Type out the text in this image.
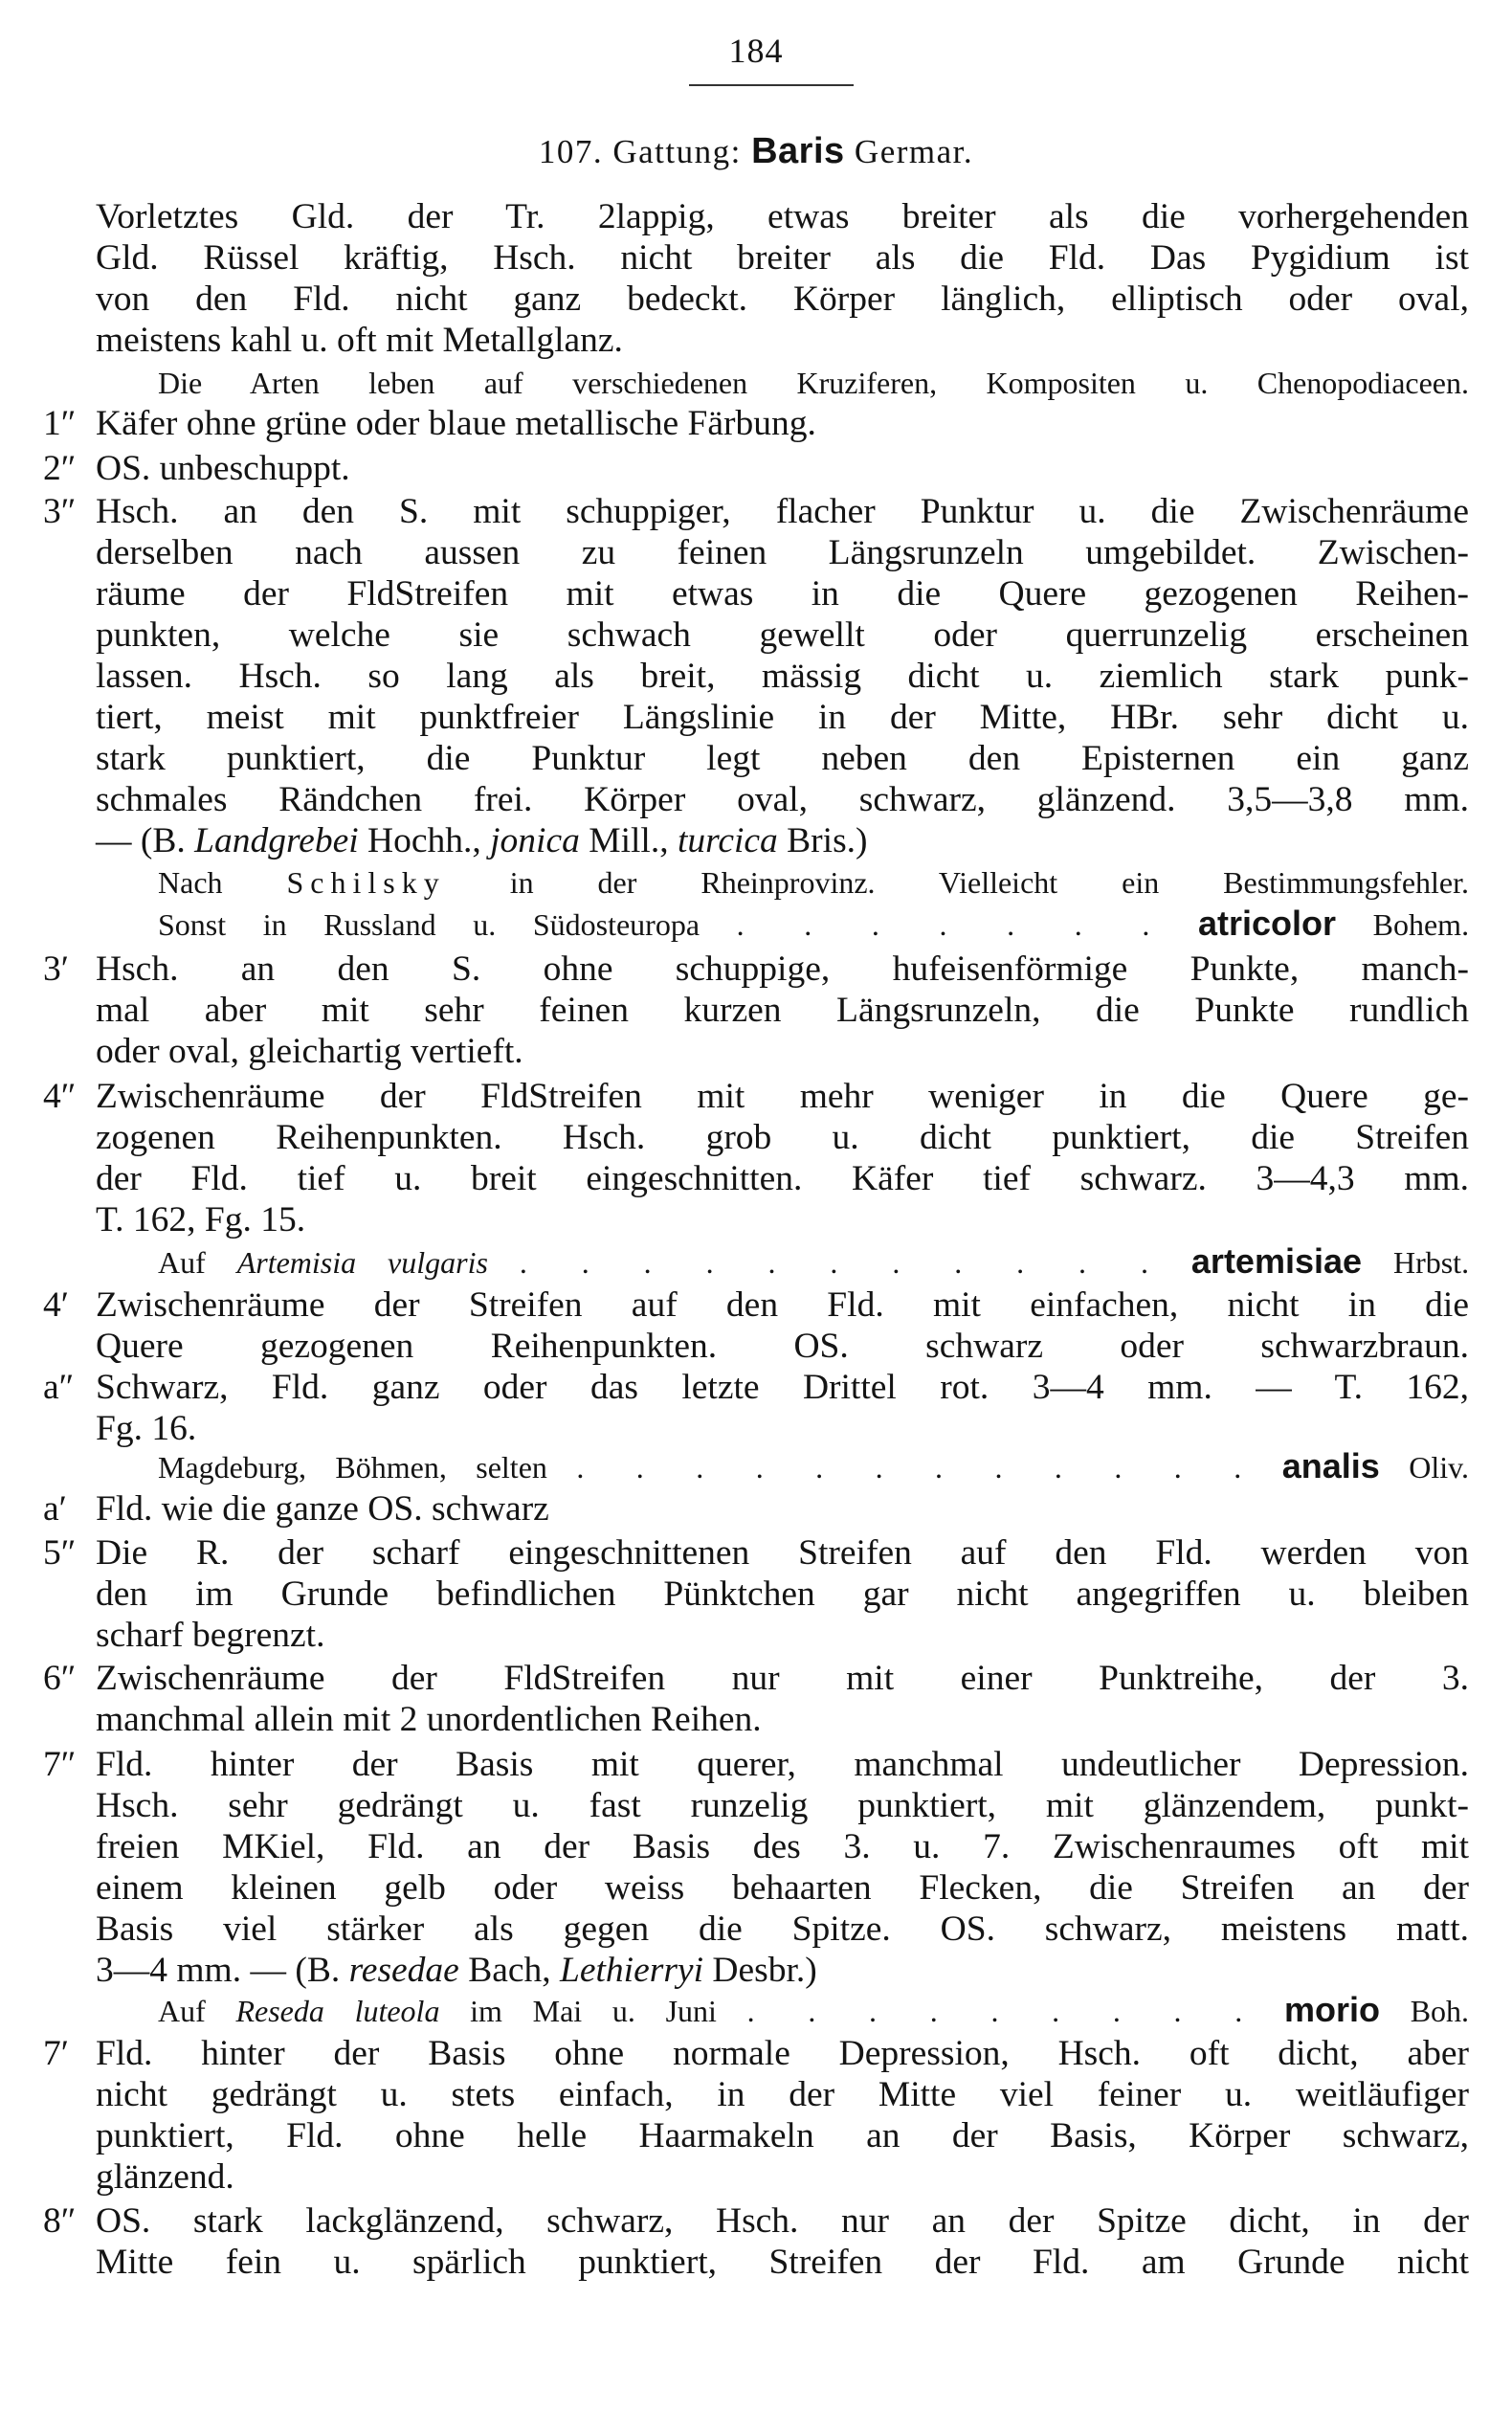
184
107. Gattung: Baris Germar.
Vorletztes Gld. der Tr. 2lappig, etwas breiter als die vorhergehenden
Gld. Rüssel kräftig, Hsch. nicht breiter als die Fld. Das Pygidium ist
von den Fld. nicht ganz bedeckt. Körper länglich, elliptisch oder oval,
meistens kahl u. oft mit Metallglanz.
Die Arten leben auf verschiedenen Kruziferen, Kompositen u. Chenopodiaceen.
1″ Käfer ohne grüne oder blaue metallische Färbung.
2″ OS. unbeschuppt.
3″ Hsch. an den S. mit schuppiger, flacher Punktur u. die Zwischenräume
derselben nach aussen zu feinen Längsrunzeln umgebildet. Zwischen-
räume der FldStreifen mit etwas in die Quere gezogenen Reihen-
punkten, welche sie schwach gewellt oder querrunzelig erscheinen
lassen. Hsch. so lang als breit, mässig dicht u. ziemlich stark punk-
tiert, meist mit punktfreier Längslinie in der Mitte, HBr. sehr dicht u.
stark punktiert, die Punktur legt neben den Episternen ein ganz
schmales Rändchen frei. Körper oval, schwarz, glänzend. 3,5—3,8 mm.
— (B. Landgrebei Hochh., jonica Mill., turcica Bris.)
Nach Schilsky in der Rheinprovinz. Vielleicht ein Bestimmungsfehler.
Sonst in Russland u. Südosteuropa . . . . . . . atricolor Bohem.
3′ Hsch. an den S. ohne schuppige, hufeisenförmige Punkte, manch-
mal aber mit sehr feinen kurzen Längsrunzeln, die Punkte rundlich
oder oval, gleichartig vertieft.
4″ Zwischenräume der FldStreifen mit mehr weniger in die Quere ge-
zogenen Reihenpunkten. Hsch. grob u. dicht punktiert, die Streifen
der Fld. tief u. breit eingeschnitten. Käfer tief schwarz. 3—4,3 mm.
T. 162, Fg. 15.
Auf Artemisia vulgaris . . . . . . . . . . . artemisiae Hrbst.
4′ Zwischenräume der Streifen auf den Fld. mit einfachen, nicht in die
Quere gezogenen Reihenpunkten. OS. schwarz oder schwarzbraun.
a″ Schwarz, Fld. ganz oder das letzte Drittel rot. 3—4 mm. — T. 162,
Fg. 16.
Magdeburg, Böhmen, selten . . . . . . . . . . . . analis Oliv.
a′ Fld. wie die ganze OS. schwarz
5″ Die R. der scharf eingeschnittenen Streifen auf den Fld. werden von
den im Grunde befindlichen Pünktchen gar nicht angegriffen u. bleiben
scharf begrenzt.
6″ Zwischenräume der FldStreifen nur mit einer Punktreihe, der 3.
manchmal allein mit 2 unordentlichen Reihen.
7″ Fld. hinter der Basis mit querer, manchmal undeutlicher Depression.
Hsch. sehr gedrängt u. fast runzelig punktiert, mit glänzendem, punkt-
freien MKiel, Fld. an der Basis des 3. u. 7. Zwischenraumes oft mit
einem kleinen gelb oder weiss behaarten Flecken, die Streifen an der
Basis viel stärker als gegen die Spitze. OS. schwarz, meistens matt.
3—4 mm. — (B. resedae Bach, Lethierryi Desbr.)
Auf Reseda luteola im Mai u. Juni . . . . . . . . . morio Boh.
7′ Fld. hinter der Basis ohne normale Depression, Hsch. oft dicht, aber
nicht gedrängt u. stets einfach, in der Mitte viel feiner u. weitläufiger
punktiert, Fld. ohne helle Haarmakeln an der Basis, Körper schwarz,
glänzend.
8″ OS. stark lackglänzend, schwarz, Hsch. nur an der Spitze dicht, in der
Mitte fein u. spärlich punktiert, Streifen der Fld. am Grunde nicht
